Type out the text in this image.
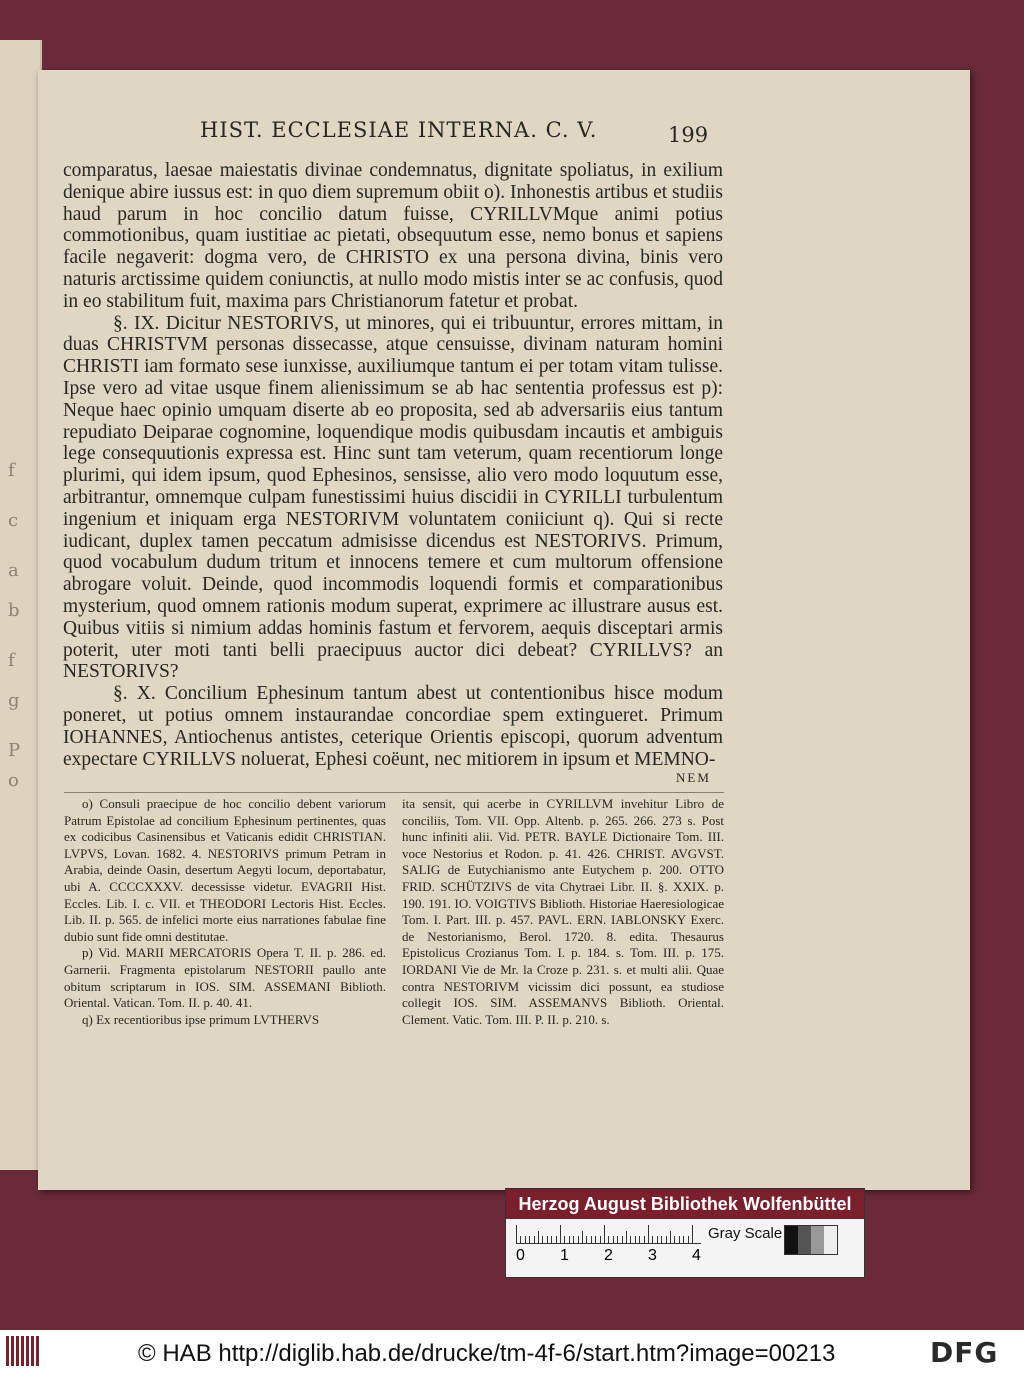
f
c
a
b
f
g
P
o
HIST. ECCLESIAE INTERNA. C. V.	199

comparatus, laesae maiestatis divinae condemnatus, dignitate spoliatus, in exilium denique abire iussus est: in quo diem supremum obiit o). Inhonestis artibus et studiis haud parum in hoc concilio datum fuisse, CYRILLVMque animi potius commotionibus, quam iustitiae ac pietati, obsequutum esse, nemo bonus et sapiens facile negaverit: dogma vero, de CHRISTO ex una persona divina, binis vero naturis arctissime quidem coniunctis, at nullo modo mistis inter se ac confusis, quod in eo stabilitum fuit, maxima pars Christianorum fatetur et probat.

§. IX. Dicitur NESTORIVS, ut minores, qui ei tribuuntur, errores mittam, in duas CHRISTVM personas dissecasse, atque censuisse, divinam naturam homini CHRISTI iam formato sese iunxisse, auxiliumque tantum ei per totam vitam tulisse. Ipse vero ad vitae usque finem alienissimum se ab hac sententia professus est p): Neque haec opinio umquam diserte ab eo proposita, sed ab adversariis eius tantum repudiato Deiparae cognomine, loquendique modis quibusdam incautis et ambiguis lege consequutionis expressa est. Hinc sunt tam veterum, quam recentiorum longe plurimi, qui idem ipsum, quod Ephesinos, sensisse, alio vero modo loquutum esse, arbitrantur, omnemque culpam funestissimi huius discidii in CYRILLI turbulentum ingenium et iniquam erga NESTORIVM voluntatem coniiciunt q). Qui si recte iudicant, duplex tamen peccatum admisisse dicendus est NESTORIVS. Primum, quod vocabulum dudum tritum et innocens temere et cum multorum offensione abrogare voluit. Deinde, quod incommodis loquendi formis et comparationibus mysterium, quod omnem rationis modum superat, exprimere ac illustrare ausus est. Quibus vitiis si nimium addas hominis fastum et fervorem, aequis disceptari armis poterit, uter moti tanti belli praecipuus auctor dici debeat? CYRILLVS? an NESTORIVS?

§. X. Concilium Ephesinum tantum abest ut contentionibus hisce modum poneret, ut potius omnem instaurandae concordiae spem extingueret. Primum IOHANNES, Antiochenus antistes, ceterique Orientis episcopi, quorum adventum expectare CYRILLVS noluerat, Ephesi coëunt, nec mitiorem in ipsum et MEMNO-

NEM

o) Consuli praecipue de hoc concilio debent variorum Patrum Epistolae ad concilium Ephesinum pertinentes, quas ex codicibus Casinensibus et Vaticanis edidit CHRISTIAN. LVPVS, Lovan. 1682. 4. NESTORIVS primum Petram in Arabia, deinde Oasin, desertum Aegyti locum, deportabatur, ubi A. CCCCXXXV. decessisse videtur. EVAGRII Hist. Eccles. Lib. I. c. VII. et THEODORI Lectoris Hist. Eccles. Lib. II. p. 565. de infelici morte eius narrationes fabulae fine dubio sunt fide omni destitutae.

p) Vid. MARII MERCATORIS Opera T. II. p. 286. ed. Garnerii. Fragmenta epistolarum NESTORII paullo ante obitum scriptarum in IOS. SIM. ASSEMANI Biblioth. Oriental. Vatican. Tom. II. p. 40. 41.

q) Ex recentioribus ipse primum LVTHERVS

ita sensit, qui acerbe in CYRILLVM invehitur Libro de conciliis, Tom. VII. Opp. Altenb. p. 265. 266. 273 s. Post hunc infiniti alii. Vid. PETR. BAYLE Dictionaire Tom. III. voce Nestorius et Rodon. p. 41. 426. CHRIST. AVGVST. SALIG de Eutychianismo ante Eutychem p. 200. OTTO FRID. SCHÜTZIVS de vita Chytraei Libr. II. §. XXIX. p. 190. 191. IO. VOIGTIVS Biblioth. Historiae Haeresiologicae Tom. I. Part. III. p. 457. PAVL. ERN. IABLONSKY Exerc. de Nestorianismo, Berol. 1720. 8. edita. Thesaurus Epistolicus Crozianus Tom. I. p. 184. s. Tom. III. p. 175. IORDANI Vie de Mr. la Croze p. 231. s. et multi alii. Quae contra NESTORIVM vicissim dici possunt, ea studiose collegit IOS. SIM. ASSEMANVS Biblioth. Oriental. Clement. Vatic. Tom. III. P. II. p. 210. s.

Herzog August Bibliothek Wolfenbüttel
0 1 2 3 4
Gray Scale
© HAB http://diglib.hab.de/drucke/tm-4f-6/start.htm?image=00213	DFG
